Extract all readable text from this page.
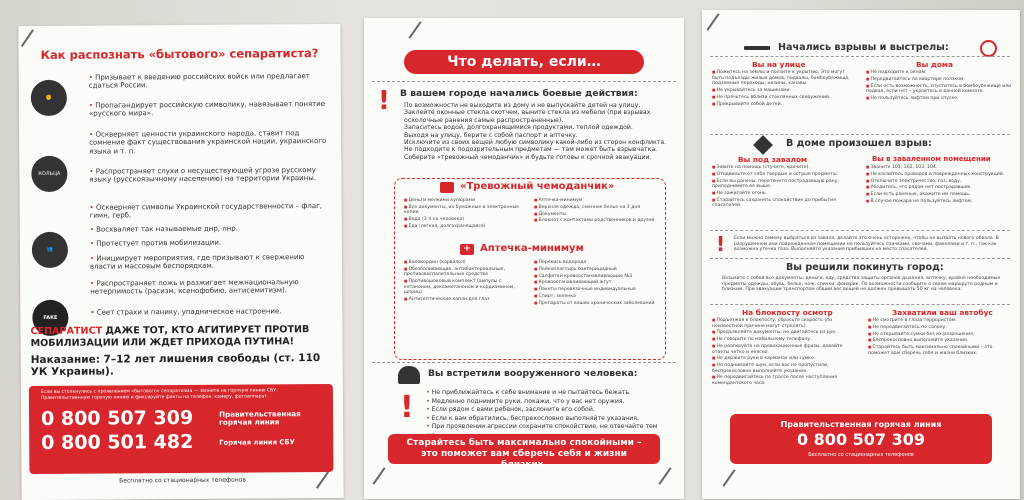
Как распознать «бытового» сепаратиста?
✊
КОЛЬЦА
👥
FAKE
• Призывает к введению российских войск или предлагает сдаться России.
• Пропагандирует российскую символику, навязывает понятие «русского мира».
• Оскверняет ценности украинского народа, ставит под сомнение факт существования украинской нации, украинского языка и т. п.
• Распространяет слухи о несуществующей угрозе русскому языку (русскоязычному населению) на территории Украины.
• Оскверняет символы Украинской государственности – флаг, гимн, герб.
• Восхваляет так называемые днр, лнр.
• Протестует против мобилизации.
• Инициирует мероприятия, где призывают к свержению власти и массовым беспорядкам.
• Распространяет ложь и разжигает межнациональную нетерпимость (расизм, ксенофобию, антисемитизм).
• Сеет страхи и панику, упадническое настроение.
СЕПАРАТИСТ ДАЖЕ ТОТ, КТО АГИТИРУЕТ ПРОТИВ МОБИЛИЗАЦИИ ИЛИ ЖДЕТ ПРИХОДА ПУТИНА!
Наказание: 7–12 лет лишения свободы (ст. 110 УК Украины).
Если вы столкнулись с проявлением «бытового» сепаратизма — звоните на горячую линию СБУ. Правительственную горячую линию и фиксируйте факты на телефон, камеру, фотоаппарат.
0 800 507 309	Правительственная горячая линия
0 800 501 482	Горячая линия СБУ
Бесплатно со стационарных телефонов
Что делать, если…
! В вашем городе начались боевые действия:
По возможности не выходите из дому и не выпускайте детей на улицу.
Заклейте оконные стекла скотчем, выните стекла из мебели (при взрывах осколочные ранения самые распространенные).
Запаситесь водой, долгохранящимися продуктами, теплой одеждой.
Выходя на улицу, берите с собой паспорт и аптечку.
Исключите из своих вещей любую символику какой-либо из сторон конфликта.
Не подходите к подозрительным предметам — там может быть взрывчатка.
Соберите «тревожный чемоданчик» и будьте готовы к срочной эвакуации.
«Тревожный чемоданчик»

■ Деньги мелкими купюрами

■ Все документы, их бумажные и электронные копии

■ Вода (3 л на человека)

■ Еда (легкая, долгохранящаяся)

■ Аптечка-минимум

■ Верхняя одежда, сменное белье на 3 дня

■ Документы

■ Блокнот с контактами родственников и друзей

+ Аптечка-минимум

■ Валокордин (корвалол)

■ Обезболивающие, антибактериальные, противовоспалительные средства

■ Противошоковый комплект (ампулы с кетаноном, дексаметаноном и кордиамином, шприц)

■ Антисептические капли для глаз

■ Перекись водорода

■ Лейкопластырь бактерицидный

■ Салфетки кровоостанавливающие №3

■ Кровоостанавливающий жгут

■ Пакеты перевязочные индивидуальные

■ Спирт, зеленка

■ Препараты от ваших хронических заболеваний

Вы встретили вооруженного человека:
!
•	Не приближайтесь к себе внимание и не пытайтесь бежать.
• Медленно поднимите руки, покажи, что у вас нет оружия.
• Если рядом с вами ребенок, заслоните его собой.
• Если к вам обратились, беспрекословно выполняйте указания.
• При проявлении агрессии сохраните спокойствие, не отвечайте тем
Старайтесь быть максимально спокойными – это поможет вам сберечь себя и жизни близких.
Начались взрывы и выстрелы:
Вы на улице

■ Ложитесь на землю и ползите к укрытию. Это могут быть подъезды жилых домов, подвалы, бомбоубежища, подземные переходы, низины, канавы.

■ Не укрывайтесь за машинами.

■ Не прячьтесь вблизи стеклянных сооружений.

■ Прикрывайте собой детей.

Вы дома

■ Не подходите к окнам.

■ Передвигайтесь по квартире ползком.

■ Если есть возможность, спуститесь в бомбоубежище или подвал, если нет – укройтесь в ванной комнате.

■ Не пользуйтесь лифтом при спуске.

В доме произошел взрыв:
Вы под завалом

■ Зовите на помощь (стучите, кричите).

■ Отодвиньте от себя твердые и острые предметы.

■ Если вы ранены, перетяните пострадавшую рану, приподнимите ее выше.

■ Не зажигайте огонь.

■ Старайтесь сохранять спокойствие до прибытия спасателей.

Вы в заваленном помещении

■ Звоните 101, 102, 103, 104.

■ Не касайтесь проводов и поврежденных конструкций.

■ Отключите электричество, газ, воду.

■ Убедитесь, что рядом нет пострадавших.

■ Если есть раненые, окажите им помощь.

■ В случае пожара не пользуйтесь лифтом.

! Если можно самому выбраться из завала, делайте это очень осторожно, чтобы не вызвать нового обвала. В разрушенном или поврежденном помещении не пользуйтесь спичками, свечами, факелами и т. п., так как возможна утечка газа. Выполняйте указания прибывших на место спасателей.
Вы решили покинуть город:
Возьмите с собой все документы, деньги, еду, средства защиты органов дыхания, аптечку, крайне необходимые предметы одежды, обувь, белье, нож, спички, фонарик. По возможности сообщите о своем маршруте родным и близким. При эвакуации транспортом общий вес вещей не должен превышать 50 кг на человека.
На блокпосту осмотр

■ Подъезжая к блокпосту, сбросьте скорость (по неизвестной причине могут стрелять).

■ Предъявляйте документы, не двигайтесь из рук.

■ Не говорите по мобильному телефону.

■ Не реагируйте на провокационные фразы, давайте ответы четко и неясно.

■ Не держите руки в карманах или сумке.

■ Не поднимайте шум, если вас не пропустили, беспрекословно выполняйте указания.

■ Не передвигайтесь по трассе после наступления комендантского часа.

Захватили ваш автобус

■ Не смотрите в глаза террористам.

■ Не передвигайтесь по салону.

■ Не открывайте сумки без их разрешения.

■ Беспрекословно выполняйте указания.

■ Старайтесь быть максимально спокойными – это поможет вам сберечь себя и жизни близких.

Правительственная горячая линия
0 800 507 309
Бесплатно со стационарных телефонов
